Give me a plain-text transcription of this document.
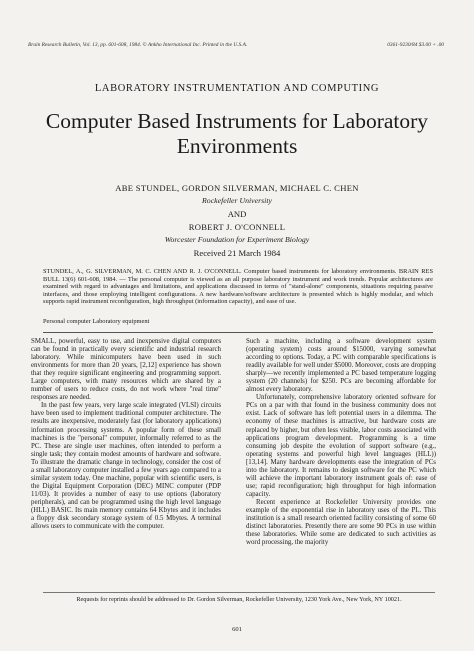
Brain Research Bulletin, Vol. 13, pp. 601-608, 1984. © Ankho International Inc. Printed in the U.S.A.	0361-9230/84 $3.00 + .00
LABORATORY INSTRUMENTATION AND COMPUTING
Computer Based Instruments for Laboratory Environments
ABE STUNDEL, GORDON SILVERMAN, MICHAEL C. CHEN
Rockefeller University
AND
ROBERT J. O'CONNELL
Worcester Foundation for Experiment Biology
Received 21 March 1984
STUNDEL, A., G. SILVERMAN, M. C. CHEN AND R. J. O'CONNELL. Computer based instruments for laboratory environments. BRAIN RES BULL 13(6) 601-608, 1984. — The personal computer is viewed as an all purpose laboratory instrument and work trends. Popular architectures are examined with regard to advantages and limitations, and applications discussed in terms of "stand-alone" components, situations requiring passive interfaces, and those employing intelligent configurations. A new hardware/software architecture is presented which is highly modular, and which supports rapid instrument reconfiguration, high throughput (information capacity), and ease of use.
Personal computer Laboratory equipment

SMALL, powerful, easy to use, and inexpensive digital computers can be found in practically every scientific and industrial research laboratory. While minicomputers have been used in such environments for more than 20 years, [2,12] experience has shown that they require significant engineering and programming support. Large computers, with many resources which are shared by a number of users to reduce costs, do not work where "real time" responses are needed.

In the past few years, very large scale integrated (VLSI) circuits have been used to implement traditional computer architecture. The results are inexpensive, moderately fast (for laboratory applications) information processing systems. A popular form of these small machines is the "personal" computer, informally referred to as the PC. These are single user machines, often intended to perform a single task; they contain modest amounts of hardware and software. To illustrate the dramatic change in technology, consider the cost of a small laboratory computer installed a few years ago compared to a similar system today. One machine, popular with scientific users, is the Digital Equipment Corporation (DEC) MINC computer (PDP 11/03). It provides a number of easy to use options (laboratory peripherals), and can be programmed using the high level language (HLL) BASIC. Its main memory contains 64 Kbytes and it includes a floppy disk secondary storage system of 0.5 Mbytes. A terminal allows users to communicate with the computer.

Such a machine, including a software development system (operating system) costs around $15000, varying somewhat according to options. Today, a PC with comparable specifications is readily available for well under $5000. Moreover, costs are dropping sharply—we recently implemented a PC based temperature logging system (20 channels) for $250. PCs are becoming affordable for almost every laboratory.

Unfortunately, comprehensive laboratory oriented software for PCs on a par with that found in the business community does not exist. Lack of software has left potential users in a dilemma. The economy of these machines is attractive, but hardware costs are replaced by higher, but often less visible, labor costs associated with applications program development. Programming is a time consuming job despite the evolution of support software (e.g., operating systems and powerful high level languages (HLL)) [13,14]. Many hardware developments ease the integration of PCs into the laboratory. It remains to design software for the PC which will achieve the important laboratory instrument goals of: ease of use; rapid reconfiguration; high throughput for high information capacity.

Recent experience at Rockefeller University provides one example of the exponential rise in laboratory uses of the PL. This institution is a small research oriented facility consisting of some 60 distinct laboratories. Presently there are some 90 PCs in use within these laboratories. While some are dedicated to such activities as word processing, the majority

Requests for reprints should be addressed to Dr. Gordon Silverman, Rockefeller University, 1230 York Ave., New York, NY 10021.
601
